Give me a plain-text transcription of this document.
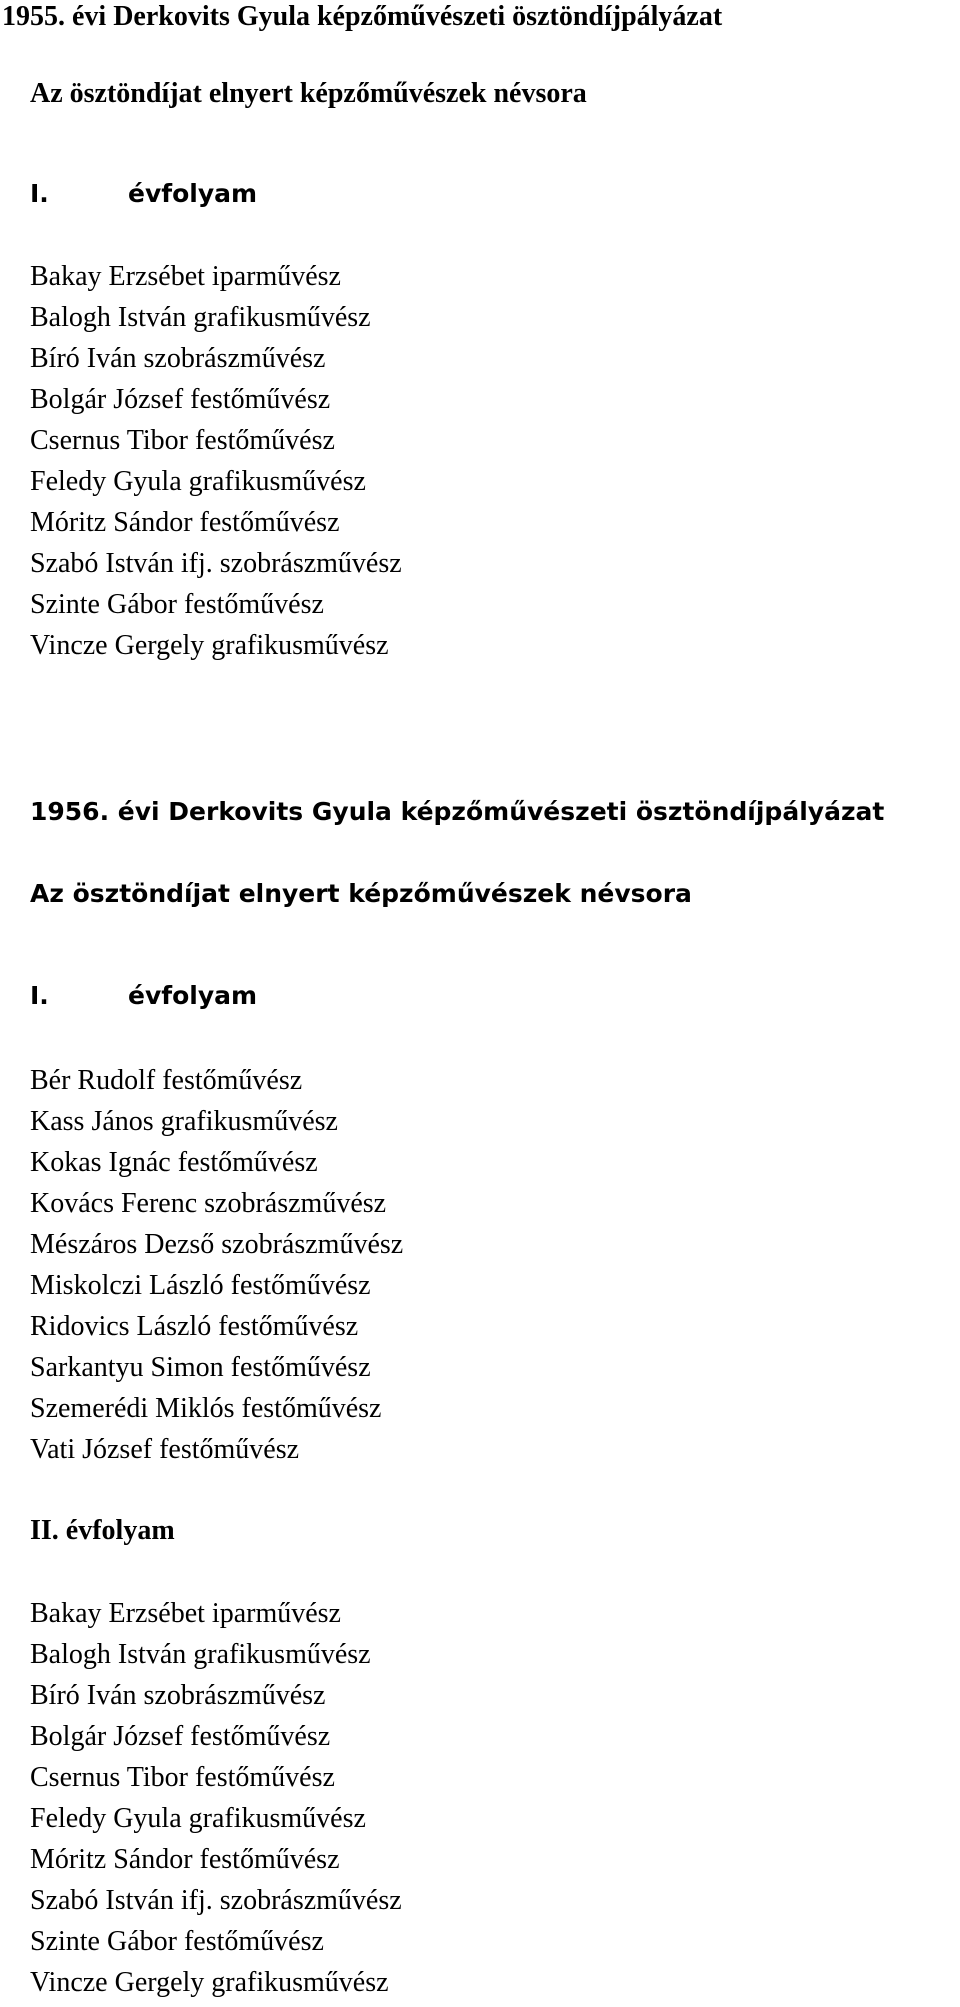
1955. évi Derkovits Gyula képzőművészeti ösztöndíjpályázat
Az ösztöndíjat elnyert képzőművészek névsora
I.	évfolyam
Bakay Erzsébet iparművész
Balogh István grafikusművész
Bíró Iván szobrászművész
Bolgár József festőművész
Csernus Tibor festőművész
Feledy Gyula grafikusművész
Móritz Sándor festőművész
Szabó István ifj. szobrászművész
Szinte Gábor festőművész
Vincze Gergely grafikusművész
1956. évi Derkovits Gyula képzőművészeti ösztöndíjpályázat
Az ösztöndíjat elnyert képzőművészek névsora
I.	évfolyam
Bér Rudolf festőművész
Kass János grafikusművész
Kokas Ignác festőművész
Kovács Ferenc szobrászművész
Mészáros Dezső szobrászművész
Miskolczi László festőművész
Ridovics László festőművész
Sarkantyu Simon festőművész
Szemerédi Miklós festőművész
Vati József festőművész
II. évfolyam
Bakay Erzsébet iparművész
Balogh István grafikusművész
Bíró Iván szobrászművész
Bolgár József festőművész
Csernus Tibor festőművész
Feledy Gyula grafikusművész
Móritz Sándor festőművész
Szabó István ifj. szobrászművész
Szinte Gábor festőművész
Vincze Gergely grafikusművész
